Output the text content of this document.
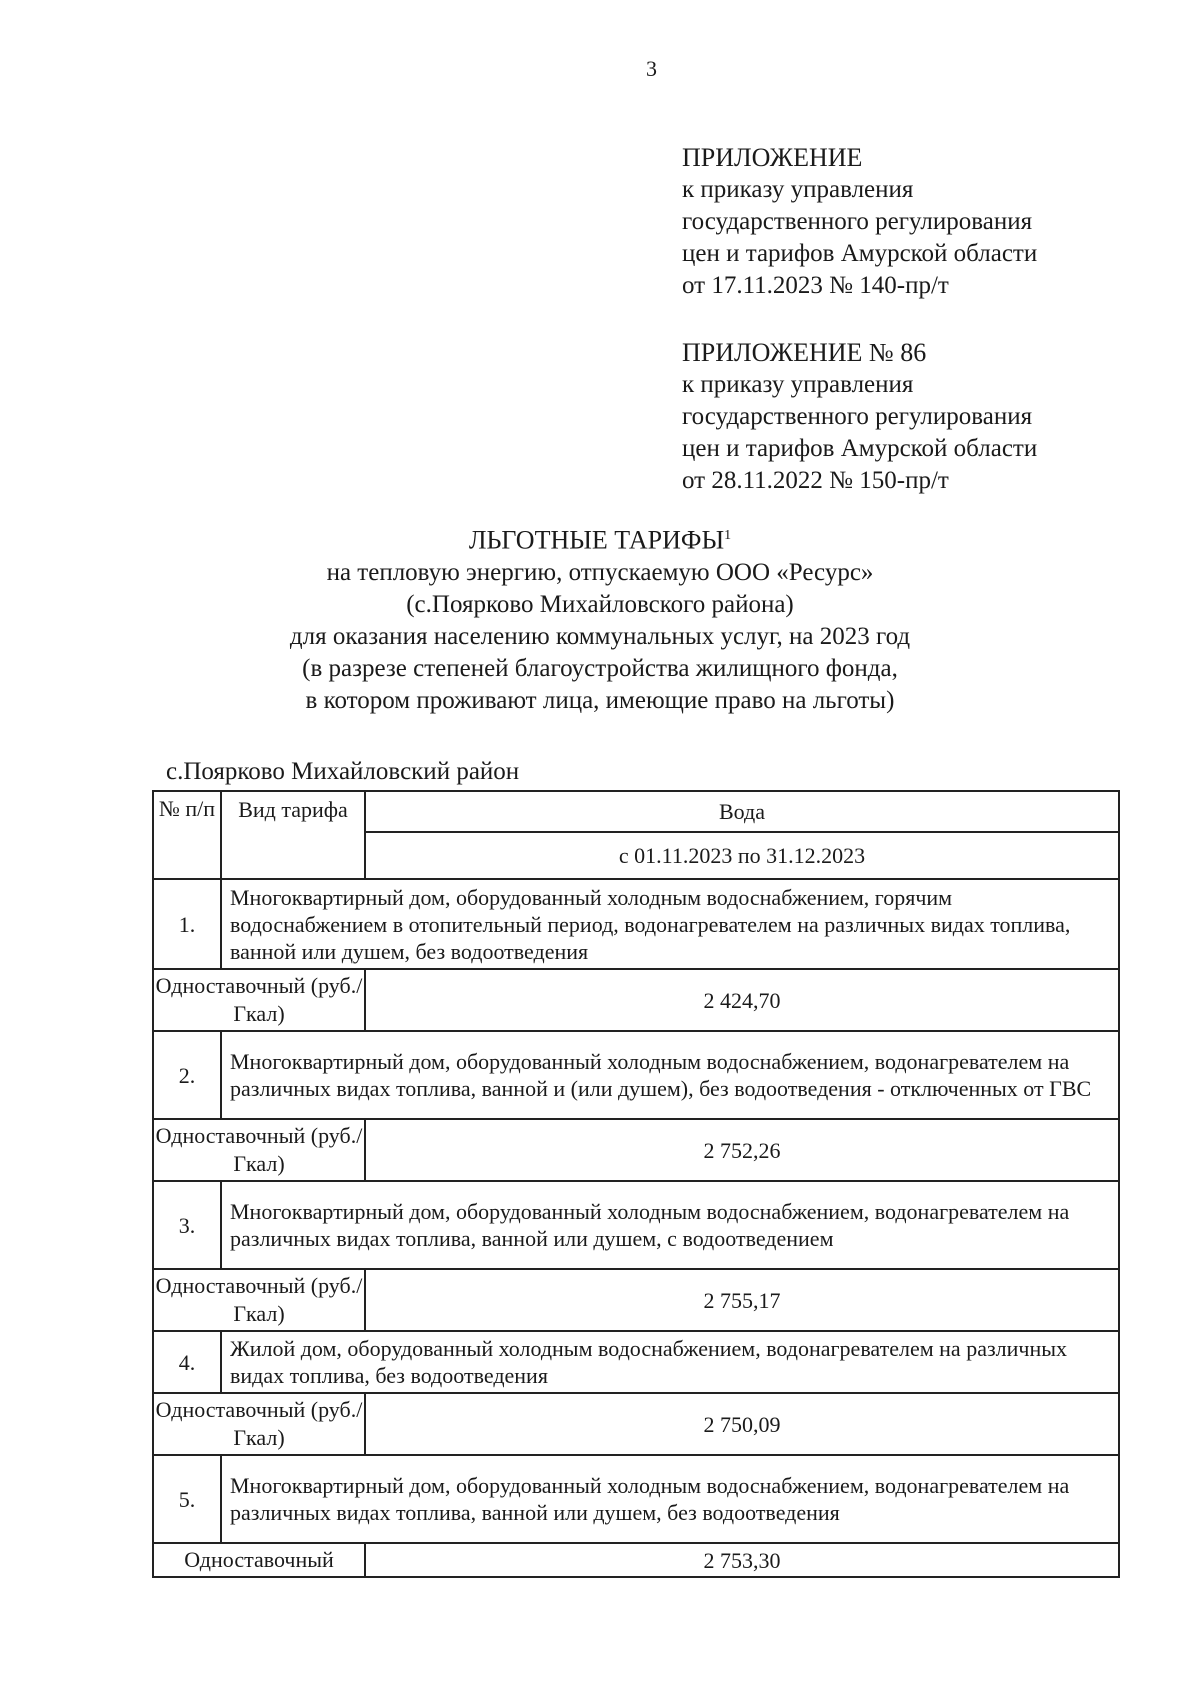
3
ПРИЛОЖЕНИЕ
к приказу управления
государственного регулирования
цен и тарифов Амурской области
от 17.11.2023 № 140-пр/т
ПРИЛОЖЕНИЕ № 86
к приказу управления
государственного регулирования
цен и тарифов Амурской области
от 28.11.2022 № 150-пр/т
ЛЬГОТНЫЕ ТАРИФЫ$^1$
на тепловую энергию, отпускаемую ООО «Ресурс»
(с.Поярково Михайловского района)
для оказания населению коммунальных услуг, на 2023 год
(в разрезе степеней благоустройства жилищного фонда,
в котором проживают лица, имеющие право на льготы)
с.Поярково Михайловский район
№ п/п	Вид тарифа	Вода
		с 01.11.2023 по 31.12.2023
1.	Многоквартирный дом, оборудованный холодным водоснабжением, горячим водоснабжением в отопительный период, водонагревателем на различных видах топлива, ванной или душем, без водоотведения	
Одноставочный (руб./Гкал)		2 424,70
2.	Многоквартирный дом, оборудованный холодным водоснабжением, водонагревателем на различных видах топлива, ванной и (или душем), без водоотведения - отключенных от ГВС	
Одноставочный (руб./Гкал)		2 752,26
3.	Многоквартирный дом, оборудованный холодным водоснабжением, водонагревателем на различных видах топлива, ванной или душем, с водоотведением	
Одноставочный (руб./Гкал)		2 755,17
4.	Жилой дом, оборудованный холодным водоснабжением, водонагревателем на различных видах топлива, без водоотведения	
Одноставочный (руб./Гкал)		2 750,09
5.	Многоквартирный дом, оборудованный холодным водоснабжением, водонагревателем на различных видах топлива, ванной или душем, без водоотведения	
Одноставочный		2 753,30
